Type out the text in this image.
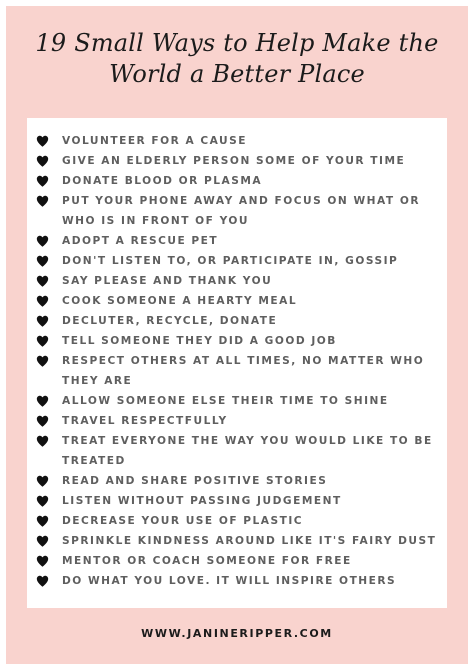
19 Small Ways to Help Make the
World a Better Place
VOLUNTEER FOR A CAUSE
GIVE AN ELDERLY PERSON SOME OF YOUR TIME
DONATE BLOOD OR PLASMA
PUT YOUR PHONE AWAY AND FOCUS ON WHAT OR
WHO IS IN FRONT OF YOU
ADOPT A RESCUE PET
DON'T LISTEN TO, OR PARTICIPATE IN, GOSSIP
SAY PLEASE AND THANK YOU
COOK SOMEONE A HEARTY MEAL
DECLUTER, RECYCLE, DONATE
TELL SOMEONE THEY DID A GOOD JOB
RESPECT OTHERS AT ALL TIMES, NO MATTER WHO
THEY ARE
ALLOW SOMEONE ELSE THEIR TIME TO SHINE
TRAVEL RESPECTFULLY
TREAT EVERYONE THE WAY YOU WOULD LIKE TO BE
TREATED
READ AND SHARE POSITIVE STORIES
LISTEN WITHOUT PASSING JUDGEMENT
DECREASE YOUR USE OF PLASTIC
SPRINKLE KINDNESS AROUND LIKE IT'S FAIRY DUST
MENTOR OR COACH SOMEONE FOR FREE
DO WHAT YOU LOVE. IT WILL INSPIRE OTHERS
WWW.JANINERIPPER.COM
